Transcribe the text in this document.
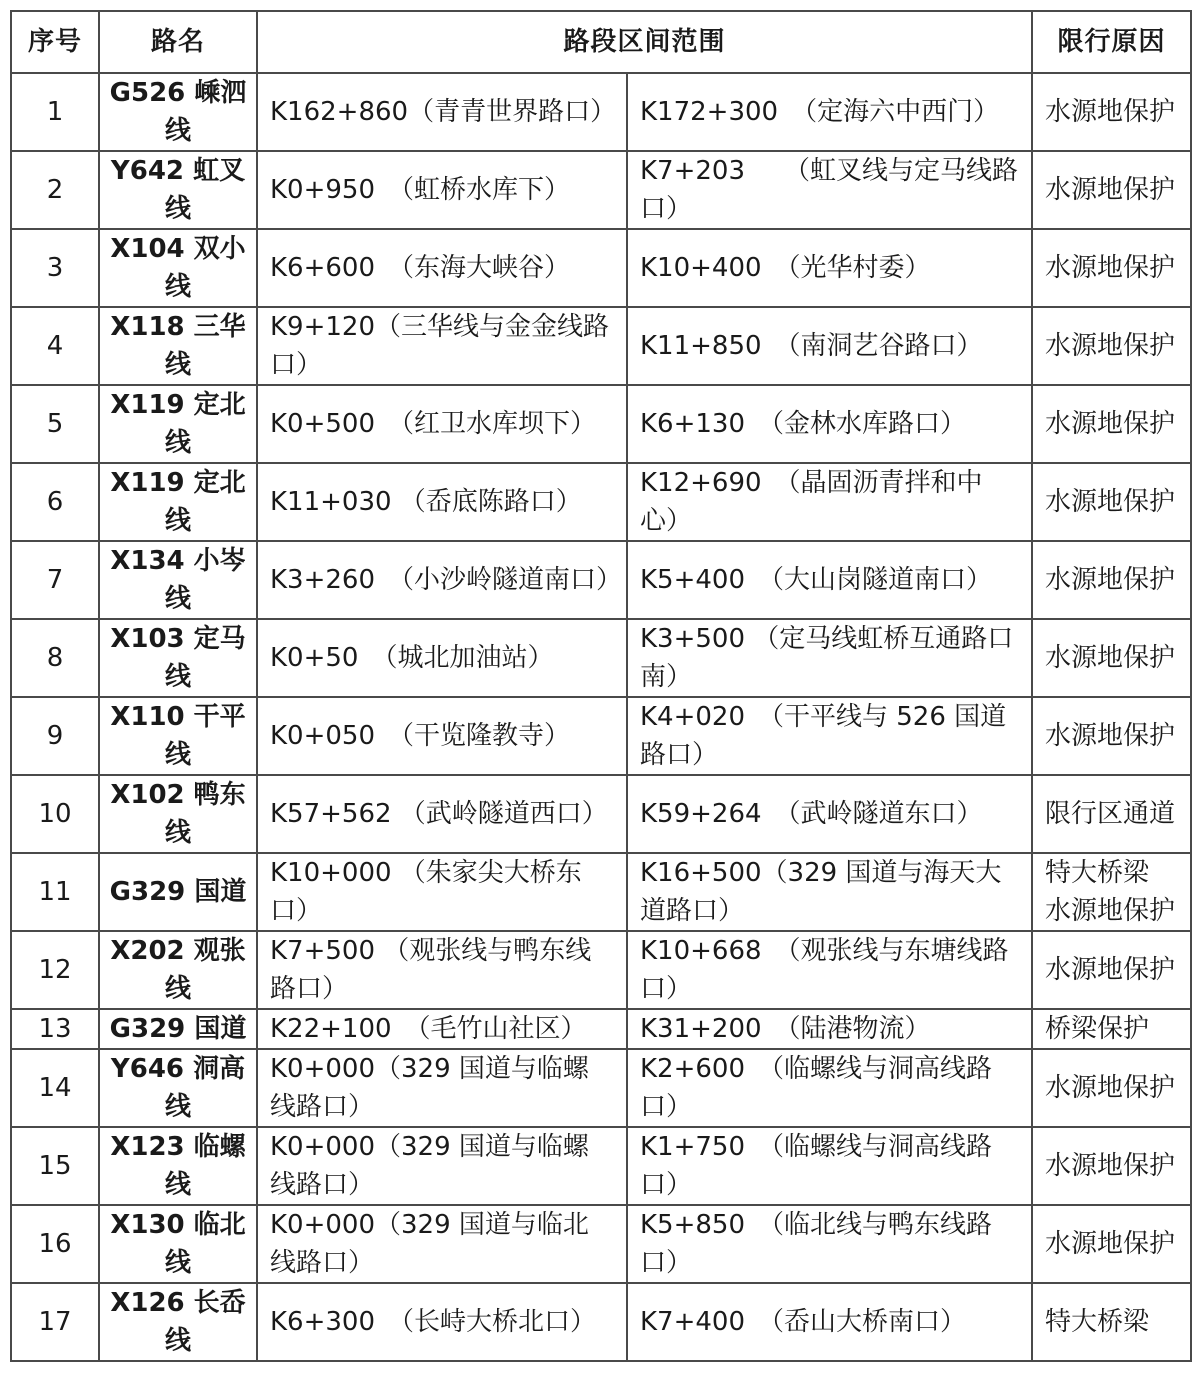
序号	路名	路段区间范围		限行原因
1	G526 嵊泗线	K162+860（青青世界路口）	K172+300　（定海六中西门）	水源地保护

2	Y642 虹叉线	K0+950　（虹桥水库下）	K7+203　　（虹叉线与定马线路口）	水源地保护

3	X104 双小线	K6+600　（东海大峡谷）	K10+400　（光华村委）	水源地保护

4	X118 三华线	K9+120（三华线与金金线路口）	K11+850　（南洞艺谷路口）	水源地保护

5	X119 定北线	K0+500　（红卫水库坝下）	K6+130　（金林水库路口）	水源地保护

6	X119 定北线	K11+030 （岙底陈路口）	K12+690　（晶固沥青拌和中心）	水源地保护

7	X134 小岑线	K3+260　（小沙岭隧道南口）	K5+400　（大山岗隧道南口）	水源地保护

8	X103 定马线	K0+50　（城北加油站）	K3+500 （定马线虹桥互通路口南）	水源地保护

9	X110 干平线	K0+050　（干览隆教寺）	K4+020　（干平线与 526 国道路口）	水源地保护

10	X102 鸭东线	K57+562 （武岭隧道西口）	K59+264　（武岭隧道东口）	限行区通道

11	G329 国道	K10+000 （朱家尖大桥东口）	K16+500（329 国道与海天大道路口）	特大桥梁
水源地保护

12	X202 观张线	K7+500 （观张线与鸭东线路口）	K10+668　（观张线与东塘线路口）	水源地保护

13	G329 国道	K22+100　（毛竹山社区）	K31+200　（陆港物流）	桥梁保护

14	Y646 洞高线	K0+000（329 国道与临螺线路口）	K2+600　（临螺线与洞高线路口）	水源地保护

15	X123 临螺线	K0+000（329 国道与临螺线路口）	K1+750　（临螺线与洞高线路口）	水源地保护

16	X130 临北线	K0+000（329 国道与临北线路口）	K5+850　（临北线与鸭东线路口）	水源地保护

17	X126 长岙线	K6+300　（长峙大桥北口）	K7+400　（岙山大桥南口）	特大桥梁
